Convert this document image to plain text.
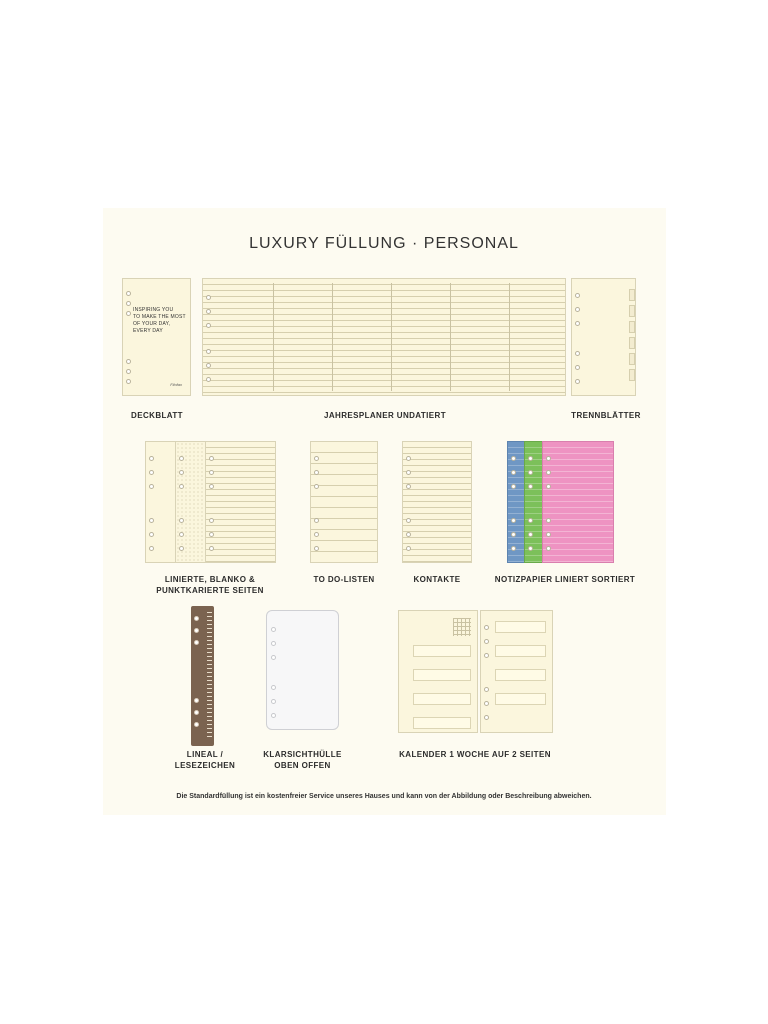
LUXURY FÜLLUNG · PERSONAL
INSPIRING YOU
TO MAKE THE MOST
OF YOUR DAY,
EVERY DAY
Filofax
DECKBLATT	JAHRESPLANER UNDATIERT	TRENNBLÄTTER
LINIERTE, BLANKO &
PUNKTKARIERTE SEITEN
TO DO-LISTEN	KONTAKTE	NOTIZPAPIER LINIERT SORTIERT
LINEAL /
LESEZEICHEN
KLARSICHTHÜLLE
OBEN OFFEN
KALENDER 1 WOCHE AUF 2 SEITEN
Die Standardfüllung ist ein kostenfreier Service unseres Hauses und kann von der Abbildung oder Beschreibung abweichen.
